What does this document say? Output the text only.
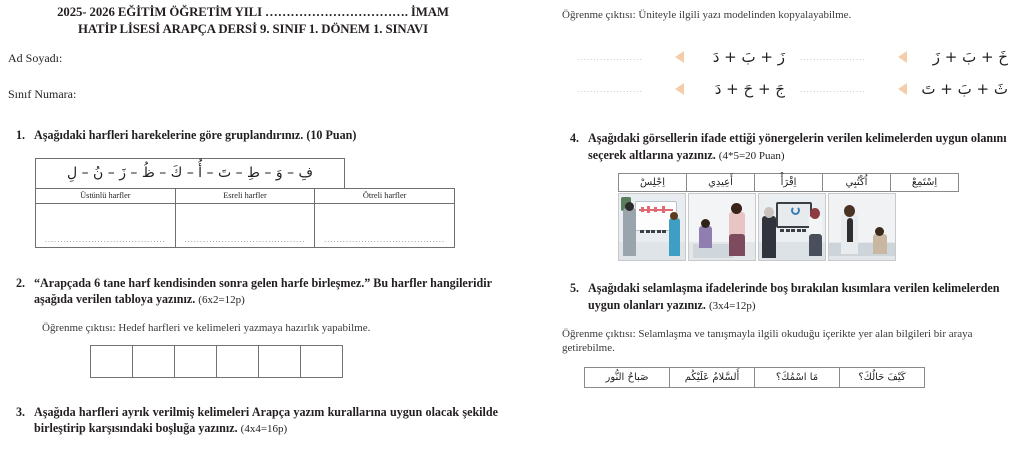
2025- 2026 EĞİTİM ÖĞRETİM YILI ……………………………. İMAM
HATİP LİSESİ ARAPÇA DERSİ 9. SINIF 1. DÖNEM 1. SINAVI
Ad Soyadı:
Sınıf Numara:
1. Aşağıdaki harfleri harekelerine göre gruplandırınız. (10 Puan)
فِ – وَ – طِ – تَ – أُ – كَ – ظُ – زَ – نُ – لِ
Üstünlü harfler	Esreli harfler	Ötreli harfler

.......................................	.......................................	.......................................
2. “Arapçada 6 tane harf kendisinden sonra gelen harfe birleşmez.” Bu harfler hangileridir aşağıda verilen tabloya yazınız. (6x2=12p)
Öğrenme çıktısı: Hedef harfleri ve kelimeleri yazmaya hazırlık yapabilme.

3. Aşağıda harfleri ayrık verilmiş kelimeleri Arapça yazım kurallarına uygun olacak şekilde birleştirip karşısındaki boşluğa yazınız. (4x4=16p)
Öğrenme çıktısı: Üniteyle ilgili yazı modelinden kopyalayabilme.
.................... زَ + بَ + دَ	.................... خَ + بَ + زَ

.................... جَ + حَ + دَ	.................... ثَ + بَ + تَ
4. Aşağıdaki görsellerin ifade ettiği yönergelerin verilen kelimelerden uygun olanını seçerek altlarına yazınız. (4*5=20 Puan)
اِسْتَمِعْ	اُكْتُبِي	اِقْرَأْ	أَعِيدِي	اِجْلِسْ
5. Aşağıdaki selamlaşma ifadelerinde boş bırakılan kısımlara verilen kelimelerden uygun olanları yazınız. (3x4=12p)
Öğrenme çıktısı: Selamlaşma ve tanışmayla ilgili okuduğu içerikte yer alan bilgileri bir araya getirebilme.
كَيْفَ حَالُكَ؟	مَا اسْمُكَ؟	أَلسَّلامُ عَلَيْكُم	صَباحُ النُّور
